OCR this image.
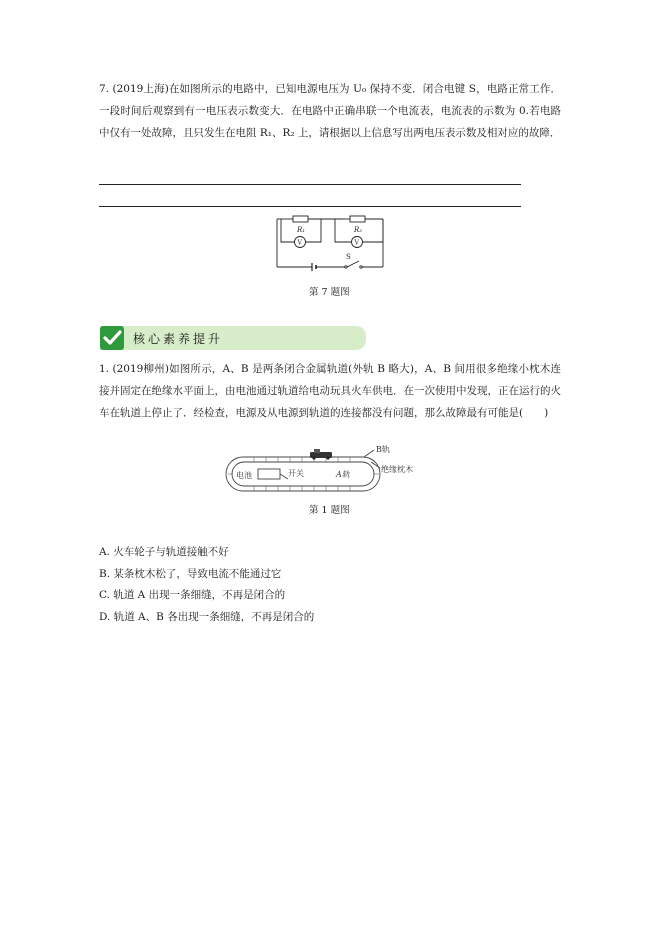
7. (2019上海)在如图所示的电路中，已知电源电压为 U₀ 保持不变．闭合电键 S，电路正常工作．一段时间后观察到有一电压表示数变大．在电路中正确串联一个电流表，电流表的示数为 0.若电路中仅有一处故障，且只发生在电阻 R₁、R₂ 上，请根据以上信息写出两电压表示数及相对应的故障．
R₁	R₂
V	V
S
第 7 题图
核心素养提升
1. (2019柳州)如图所示，A、B 是两条闭合金属轨道(外轨 B 略大)，A、B 间用很多绝缘小枕木连接并固定在绝缘水平面上，由电池通过轨道给电动玩具火车供电．在一次使用中发现，正在运行的火车在轨道上停止了．经检查，电源及从电源到轨道的连接都没有问题，那么故障最有可能是(　　)
B轨
绝缘枕木
A轨
开关
电池
第 1 题图
A. 火车轮子与轨道接触不好
B. 某条枕木松了，导致电流不能通过它
C. 轨道 A 出现一条细缝，不再是闭合的
D. 轨道 A、B 各出现一条细缝，不再是闭合的
